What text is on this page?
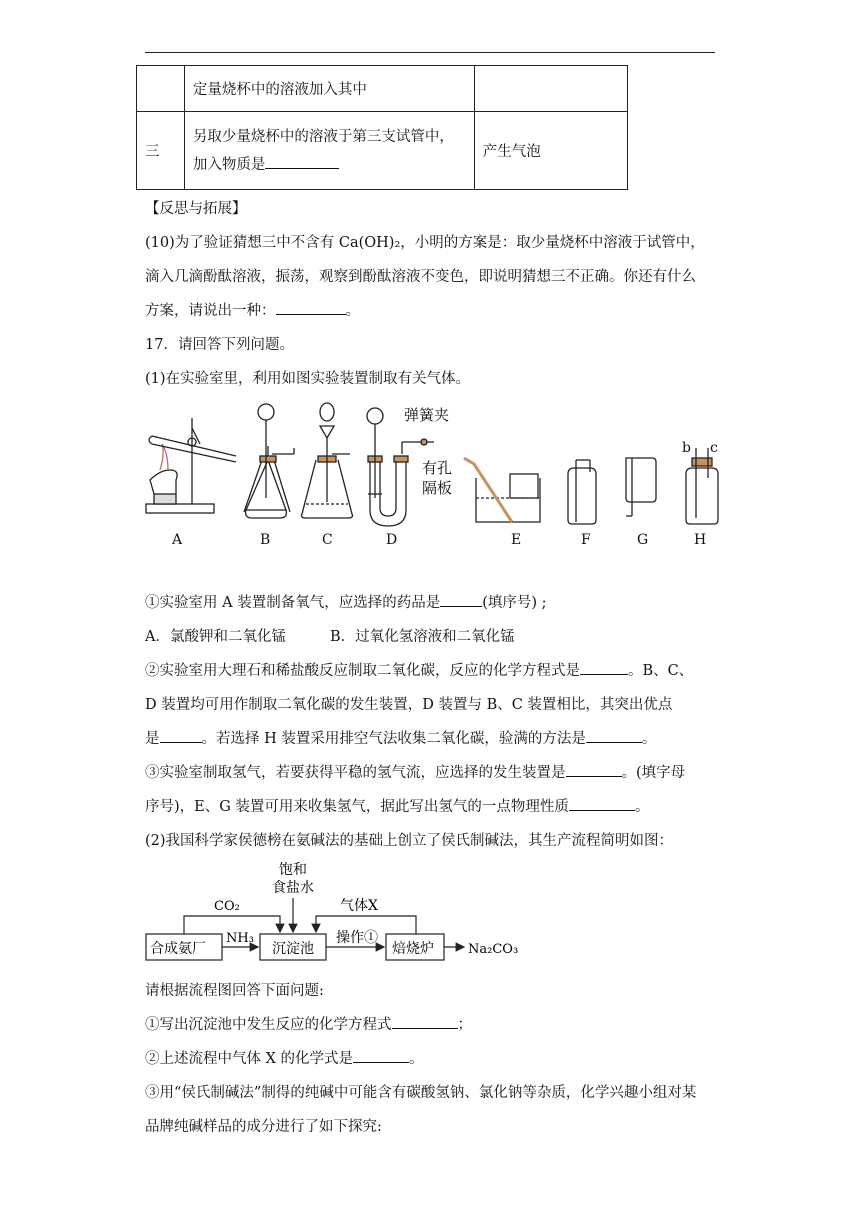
	定量烧杯中的溶液加入其中	
三	另取少量烧杯中的溶液于第三支试管中，
加入物质是	产生气泡
【反思与拓展】
(10)为了验证猜想三中不含有 Ca(OH)₂，小明的方案是：取少量烧杯中溶液于试管中，
滴入几滴酚酞溶液，振荡，观察到酚酞溶液不变色，即说明猜想三不正确。你还有什么
方案，请说出一种：	。
17．请回答下列问题。
(1)在实验室里，利用如图实验装置制取有关气体。
弹簧夹
有孔
隔板
b c
A	B	C	D	E	F	G	H
①实验室用 A 装置制备氧气，应选择的药品是	(填序号) ;
A．氯酸钾和二氧化锰	B．过氧化氢溶液和二氧化锰
②实验室用大理石和稀盐酸反应制取二氧化碳，反应的化学方程式是	。B、C、
D 装置均可用作制取二氧化碳的发生装置，D 装置与 B、C 装置相比，其突出优点
是	。若选择 H 装置采用排空气法收集二氧化碳，验满的方法是	。
③实验室制取氢气，若要获得平稳的氢气流，应选择的发生装置是	。(填字母
序号)，E、G 装置可用来收集氢气，据此写出氢气的一点物理性质	。
(2)我国科学家侯德榜在氨碱法的基础上创立了侯氏制碱法，其生产流程简明如图：
合成氨厂	沉淀池	焙烧炉
饱和
食盐水
CO₂
NH₃
气体X
操作①
Na₂CO₃
请根据流程图回答下面问题:
①写出沉淀池中发生反应的化学方程式	；
②上述流程中气体 X 的化学式是	。
③用“侯氏制碱法”制得的纯碱中可能含有碳酸氢钠、氯化钠等杂质，化学兴趣小组对某
品牌纯碱样品的成分进行了如下探究:
